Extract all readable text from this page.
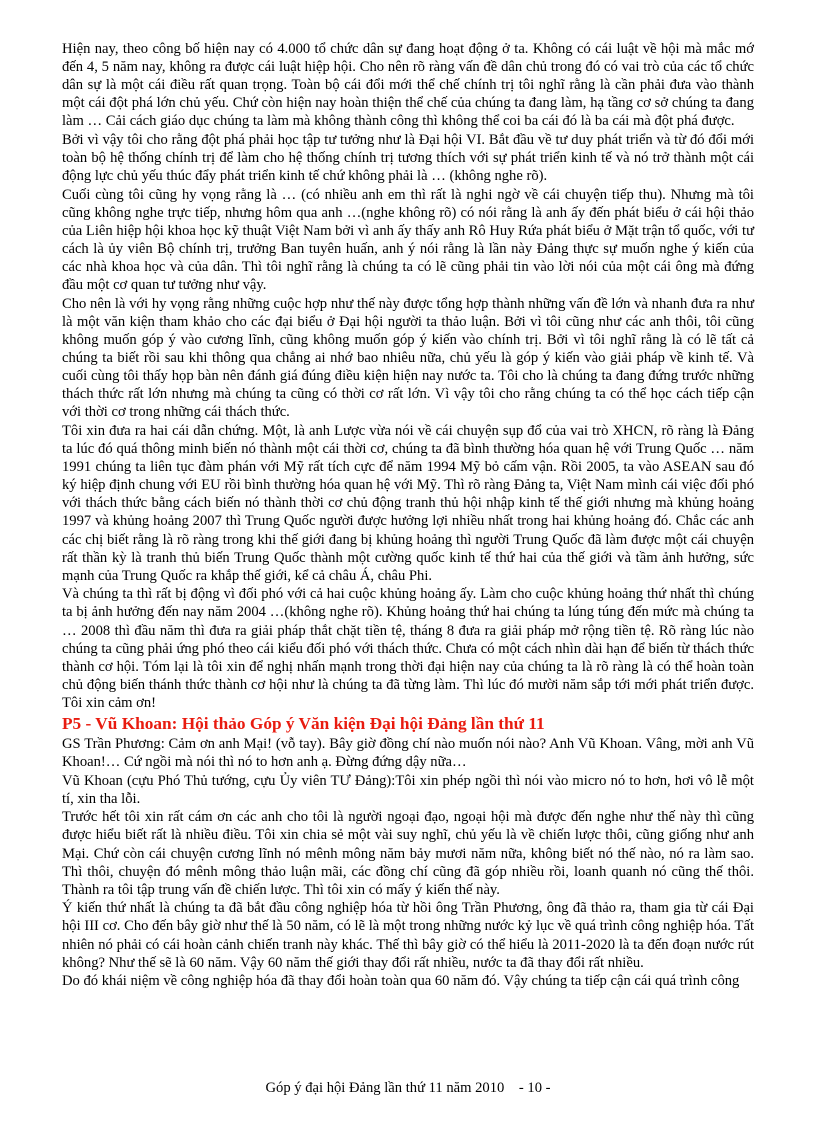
Hiện nay, theo công bố hiện nay có 4.000 tổ chức dân sự đang hoạt động ở ta. Không có cái luật về hội mà mắc mớ đến 4, 5 năm nay, không ra được cái luật hiệp hội. Cho nên rõ ràng vấn đề dân chủ trong đó có vai trò của các tổ chức dân sự là một cái điều rất quan trọng. Toàn bộ cái đổi mới thể chế chính trị tôi nghĩ rằng là cần phải đưa vào thành một cái đột phá lớn chủ yếu. Chứ còn hiện nay hoàn thiện thể chế của chúng ta đang làm, hạ tầng cơ sở chúng ta đang làm … Cải cách giáo dục chúng ta làm mà không thành công thì không thể coi ba cái đó là ba cái mà đột phá được.

Bởi vì vậy tôi cho rằng đột phá phải học tập tư tưởng như là Đại hội VI. Bắt đầu về tư duy phát triển và từ đó đổi mới toàn bộ hệ thống chính trị để làm cho hệ thống chính trị tương thích với sự phát triển kinh tế và nó trở thành một cái động lực chủ yếu thúc đẩy phát triển kinh tế chứ không phải là … (không nghe rõ).

Cuối cùng tôi cũng hy vọng rằng là … (có nhiều anh em thì rất là nghi ngờ về cái chuyện tiếp thu). Nhưng mà tôi cũng không nghe trực tiếp, nhưng hôm qua anh …(nghe không rõ) có nói rằng là anh ấy đến phát biểu ở cái hội thảo của Liên hiệp hội khoa học kỹ thuật Việt Nam bởi vì anh ấy thấy anh Rô Huy Rứa phát biểu ở Mặt trận tổ quốc, với tư cách là ủy viên Bộ chính trị, trưởng Ban tuyên huấn, anh ý nói rằng là lần này Đảng thực sự muốn nghe ý kiến của các nhà khoa học và của dân. Thì tôi nghĩ rằng là chúng ta có lẽ cũng phải tin vào lời nói của một cái ông mà đứng đầu một cơ quan tư tưởng như vậy.

Cho nên là với hy vọng rằng những cuộc hợp như thế này được tổng hợp thành những vấn đề lớn và nhanh đưa ra như là một văn kiện tham khảo cho các đại biểu ở Đại hội người ta thảo luận. Bởi vì tôi cũng như các anh thôi, tôi cũng không muốn góp ý vào cương lĩnh, cũng không muốn góp ý kiến vào chính trị. Bởi vì tôi nghĩ rằng là có lẽ tất cả chúng ta biết rồi sau khi thông qua chẳng ai nhớ bao nhiêu nữa, chủ yếu là góp ý kiến vào giải pháp về kinh tế. Và cuối cùng tôi thấy họp bàn nên đánh giá đúng điều kiện hiện nay nước ta. Tôi cho là chúng ta đang đứng trước những thách thức rất lớn nhưng mà chúng ta cũng có thời cơ rất lớn. Vì vậy tôi cho rằng chúng ta có thể học cách tiếp cận với thời cơ trong những cái thách thức.

Tôi xin đưa ra hai cái dẫn chứng. Một, là anh Lược vừa nói về cái chuyện sụp đổ của vai trò XHCN, rõ ràng là Đảng ta lúc đó quá thông minh biến nó thành một cái thời cơ, chúng ta đã bình thường hóa quan hệ với Trung Quốc … năm 1991 chúng ta liên tục đàm phán với Mỹ rất tích cực để năm 1994 Mỹ bỏ cấm vận. Rồi 2005, ta vào ASEAN sau đó ký hiệp định chung với EU rồi bình thường hóa quan hệ với Mỹ. Thì rõ ràng Đảng ta, Việt Nam mình cái việc đối phó với thách thức bằng cách biến nó thành thời cơ chủ động tranh thủ hội nhập kinh tế thế giới nhưng mà khủng hoảng 1997 và khủng hoảng 2007 thì Trung Quốc người được hưởng lợi nhiều nhất trong hai khủng hoảng đó. Chắc các anh các chị biết rằng là rõ ràng trong khi thế giới đang bị khủng hoảng thì người Trung Quốc đã làm được một cái chuyện rất thần kỳ là tranh thủ biến Trung Quốc thành một cường quốc kinh tế thứ hai của thế giới và tầm ảnh hưởng, sức mạnh của Trung Quốc ra khắp thế giới, kể cả châu Á, châu Phi.

Và chúng ta thì rất bị động vì đối phó với cả hai cuộc khủng hoảng ấy. Làm cho cuộc khủng hoảng thứ nhất thì chúng ta bị ảnh hưởng đến nay năm 2004 …(không nghe rõ). Khủng hoảng thứ hai chúng ta lúng túng đến mức mà chúng ta … 2008 thì đầu năm thì đưa ra giải pháp thắt chặt tiền tệ, tháng 8 đưa ra giải pháp mở rộng tiền tệ. Rõ ràng lúc nào chúng ta cũng phải ứng phó theo cái kiểu đối phó với thách thức. Chưa có một cách nhìn dài hạn để biến từ thách thức thành cơ hội. Tóm lại là tôi xin để nghị nhấn mạnh trong thời đại hiện nay của chúng ta là rõ ràng là có thể hoàn toàn chủ động biến thánh thức thành cơ hội như là chúng ta đã từng làm. Thì lúc đó mười năm sắp tới mới phát triển được. Tôi xin cảm ơn!

P5 - Vũ Khoan: Hội thảo Góp ý Văn kiện Đại hội Đảng lần thứ 11

GS Trần Phương: Cảm ơn anh Mại! (vỗ tay). Bây giờ đồng chí nào muốn nói nào? Anh Vũ Khoan. Vâng, mời anh Vũ Khoan!… Cứ ngồi mà nói thì nó to hơn anh ạ. Đừng đứng dậy nữa…

Vũ Khoan (cựu Phó Thủ tướng, cựu Ủy viên TƯ Đảng):Tôi xin phép ngồi thì nói vào micro nó to hơn, hơi vô lễ một tí, xin tha lỗi.

Trước hết tôi xin rất cám ơn các anh cho tôi là người ngoại đạo, ngoại hội mà được đến nghe như thế này thì cũng được hiểu biết rất là nhiều điều. Tôi xin chia sẻ một vài suy nghĩ, chủ yếu là về chiến lược thôi, cũng giống như anh Mại. Chứ còn cái chuyện cương lĩnh nó mênh mông năm bảy mươi năm nữa, không biết nó thế nào, nó ra làm sao. Thì thôi, chuyện đó mênh mông thảo luận mãi, các đồng chí cũng đã góp nhiều rồi, loanh quanh nó cũng thế thôi. Thành ra tôi tập trung vấn đề chiến lược. Thì tôi xin có mấy ý kiến thế này.

Ý kiến thứ nhất là chúng ta đã bắt đầu công nghiệp hóa từ hồi ông Trần Phương, ông đã thảo ra, tham gia từ cái Đại hội III cơ. Cho đến bây giờ như thế là 50 năm, có lẽ là một trong những nước kỷ lục về quá trình công nghiệp hóa. Tất nhiên nó phải có cái hoàn cảnh chiến tranh này khác. Thế thì bây giờ có thể hiểu là 2011-2020 là ta đến đoạn nước rút không? Như thế sẽ là 60 năm. Vậy 60 năm thế giới thay đổi rất nhiều, nước ta đã thay đổi rất nhiều.

Do đó khái niệm về công nghiệp hóa đã thay đổi hoàn toàn qua 60 năm đó. Vậy chúng ta tiếp cận cái quá trình công

Góp ý đại hội Đảng lần thứ 11 năm 2010    - 10 -
